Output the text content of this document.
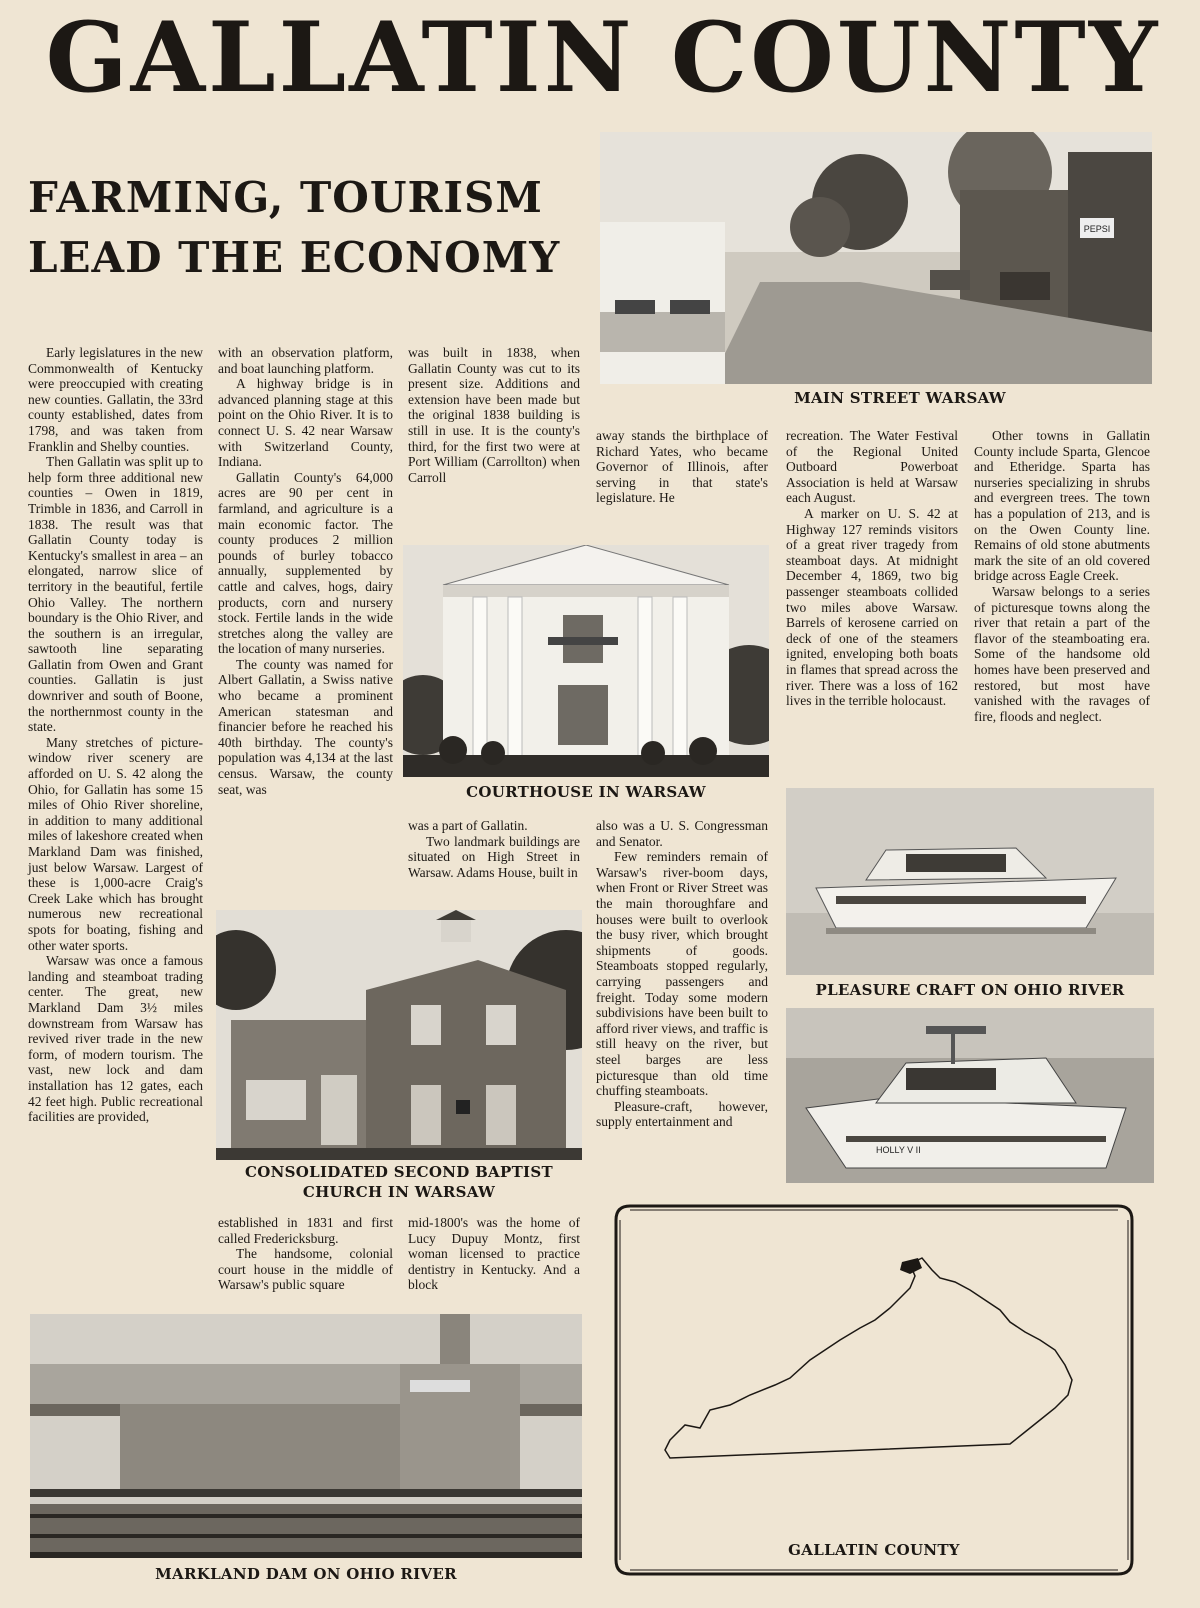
GALLATIN COUNTY
FARMING, TOURISM
LEAD THE ECONOMY
PEPSI
MAIN STREET WARSAW

Early legislatures in the new Commonwealth of Kentucky were preoccupied with creating new counties. Gallatin, the 33rd county established, dates from 1798, and was taken from Franklin and Shelby counties.

Then Gallatin was split up to help form three additional new counties – Owen in 1819, Trimble in 1836, and Carroll in 1838. The result was that Gallatin County today is Kentucky's smallest in area – an elongated, narrow slice of territory in the beautiful, fertile Ohio Valley. The northern boundary is the Ohio River, and the southern is an irregular, sawtooth line separating Gallatin from Owen and Grant counties. Gallatin is just downriver and south of Boone, the northernmost county in the state.

Many stretches of picture-window river scenery are afforded on U. S. 42 along the Ohio, for Gallatin has some 15 miles of Ohio River shoreline, in addition to many additional miles of lakeshore created when Markland Dam was finished, just below Warsaw. Largest of these is 1,000-acre Craig's Creek Lake which has brought numerous new recreational spots for boating, fishing and other water sports.

Warsaw was once a famous landing and steamboat trading center. The great, new Markland Dam 3½ miles downstream from Warsaw has revived river trade in the new form, of modern tourism. The vast, new lock and dam installation has 12 gates, each 42 feet high. Public recreational facilities are provided,

with an observation platform, and boat launching platform.

A highway bridge is in advanced planning stage at this point on the Ohio River. It is to connect U. S. 42 near Warsaw with Switzerland County, Indiana.

Gallatin County's 64,000 acres are 90 per cent in farmland, and agriculture is a main economic factor. The county produces 2 million pounds of burley tobacco annually, supplemented by cattle and calves, hogs, dairy products, corn and nursery stock. Fertile lands in the wide stretches along the valley are the location of many nurseries.

The county was named for Albert Gallatin, a Swiss native who became a prominent American statesman and financier before he reached his 40th birthday. The county's population was 4,134 at the last census. Warsaw, the county seat, was

was built in 1838, when Gallatin County was cut to its present size. Additions and extension have been made but the original 1838 building is still in use. It is the county's third, for the first two were at Port William (Carrollton) when Carroll

away stands the birthplace of Richard Yates, who became Governor of Illinois, after serving in that state's legislature. He

recreation. The Water Festival of the Regional United Outboard Powerboat Association is held at Warsaw each August.

A marker on U. S. 42 at Highway 127 reminds visitors of a great river tragedy from steamboat days. At midnight December 4, 1869, two big passenger steamboats collided two miles above Warsaw. Barrels of kerosene carried on deck of one of the steamers ignited, enveloping both boats in flames that spread across the river. There was a loss of 162 lives in the terrible holocaust.

Other towns in Gallatin County include Sparta, Glencoe and Etheridge. Sparta has nurseries specializing in shrubs and evergreen trees. The town has a population of 213, and is on the Owen County line. Remains of old stone abutments mark the site of an old covered bridge across Eagle Creek.

Warsaw belongs to a series of picturesque towns along the river that retain a part of the flavor of the steamboating era. Some of the handsome old homes have been preserved and restored, but most have vanished with the ravages of fire, floods and neglect.

COURTHOUSE IN WARSAW
PLEASURE CRAFT ON OHIO RIVER
HOLLY V II

was a part of Gallatin.

Two landmark buildings are situated on High Street in Warsaw. Adams House, built in

also was a U. S. Congressman and Senator.

Few reminders remain of Warsaw's river-boom days, when Front or River Street was the main thoroughfare and houses were built to overlook the busy river, which brought shipments of goods. Steamboats stopped regularly, carrying passengers and freight. Today some modern subdivisions have been built to afford river views, and traffic is still heavy on the river, but steel barges are less picturesque than old time chuffing steamboats.

Pleasure-craft, however, supply entertainment and

CONSOLIDATED SECOND BAPTIST
CHURCH IN WARSAW

established in 1831 and first called Fredericksburg.

The handsome, colonial court house in the middle of Warsaw's public square

mid-1800's was the home of Lucy Dupuy Montz, first woman licensed to practice dentistry in Kentucky. And a block

MARKLAND DAM ON OHIO RIVER
GALLATIN COUNTY
